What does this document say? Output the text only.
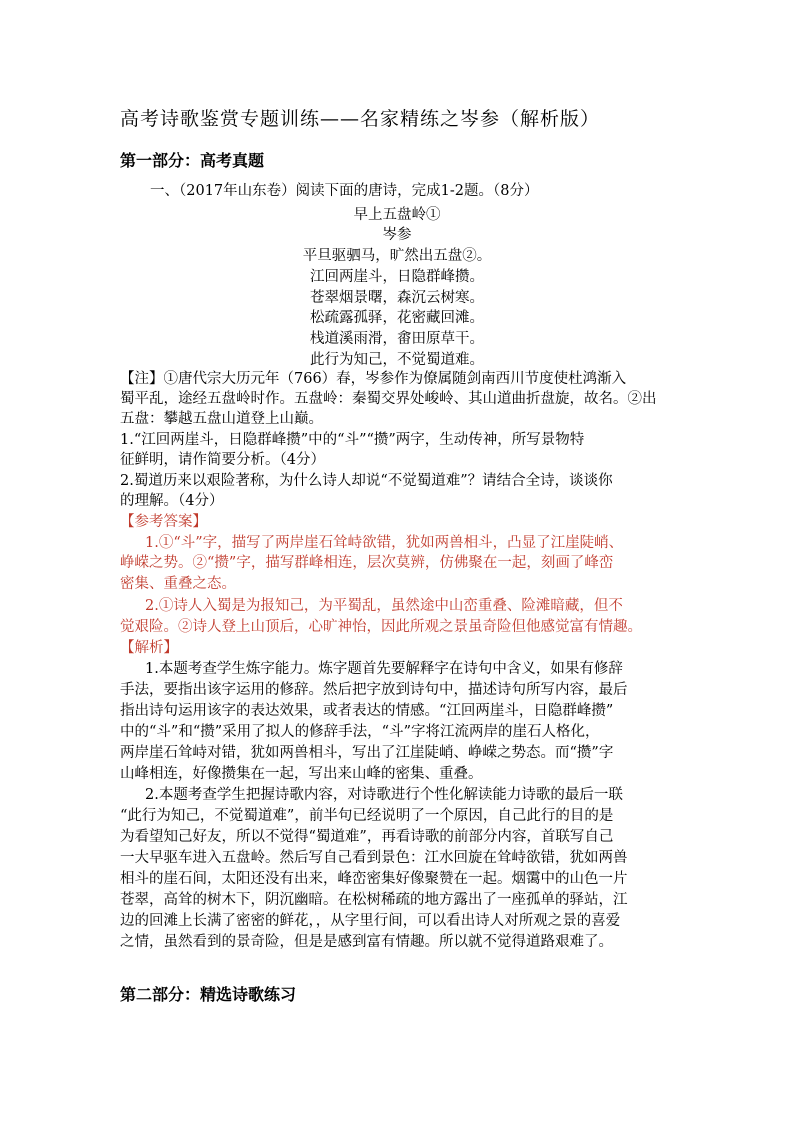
高考诗歌鉴赏专题训练——名家精练之岑参（解析版）
第一部分：高考真题
一、（2017年山东卷）阅读下面的唐诗，完成1-2题。（8分）
早上五盘岭①
岑参
平旦驱驷马，旷然出五盘②。
江回两崖斗，日隐群峰攒。
苍翠烟景曙，森沉云树寒。
松疏露孤驿，花密藏回滩。
栈道溪雨滑，畬田原草干。
此行为知己，不觉蜀道难。
【注】①唐代宗大历元年（766）春，岑参作为僚属随剑南西川节度使杜鸿渐入
蜀平乱，途经五盘岭时作。五盘岭：秦蜀交界处峻岭、其山道曲折盘旋，故名。②出
五盘：攀越五盘山道登上山巅。
1.“江回两崖斗，日隐群峰攒”中的“斗”“攒”两字，生动传神，所写景物特
征鲜明，请作简要分析。（4分）
2.蜀道历来以艰险著称，为什么诗人却说“不觉蜀道难”？请结合全诗，谈谈你
的理解。（4分）
【参考答案】
1.①“斗”字，描写了两岸崖石耸峙欲错，犹如两兽相斗，凸显了江崖陡峭、
峥嵘之势。②“攒”字，描写群峰相连，层次莫辨，仿佛聚在一起，刻画了峰峦
密集、重叠之态。
2.①诗人入蜀是为报知己，为平蜀乱，虽然途中山峦重叠、险滩暗藏，但不
觉艰险。②诗人登上山顶后，心旷神怡，因此所观之景虽奇险但他感觉富有情趣。
【解析】
1.本题考查学生炼字能力。炼字题首先要解释字在诗句中含义，如果有修辞
手法，要指出该字运用的修辞。然后把字放到诗句中，描述诗句所写内容，最后
指出诗句运用该字的表达效果，或者表达的情感。“江回两崖斗，日隐群峰攒”
中的“斗”和“攒”采用了拟人的修辞手法，“斗”字将江流两岸的崖石人格化，
两岸崖石耸峙对错，犹如两兽相斗，写出了江崖陡峭、峥嵘之势态。而“攒”字
山峰相连，好像攒集在一起，写出来山峰的密集、重叠。
2.本题考查学生把握诗歌内容，对诗歌进行个性化解读能力诗歌的最后一联
“此行为知己，不觉蜀道难”，前半句已经说明了一个原因，自己此行的目的是
为看望知己好友，所以不觉得“蜀道难”，再看诗歌的前部分内容，首联写自己
一大早驱车进入五盘岭。然后写自己看到景色：江水回旋在耸峙欲错，犹如两兽
相斗的崖石间，太阳还没有出来，峰峦密集好像聚赞在一起。烟霭中的山色一片
苍翠，高耸的树木下，阴沉幽暗。在松树稀疏的地方露出了一座孤单的驿站，江
边的回滩上长满了密密的鲜花，，从字里行间，可以看出诗人对所观之景的喜爱
之情，虽然看到的景奇险，但是是感到富有情趣。所以就不觉得道路艰难了。
第二部分：精选诗歌练习
